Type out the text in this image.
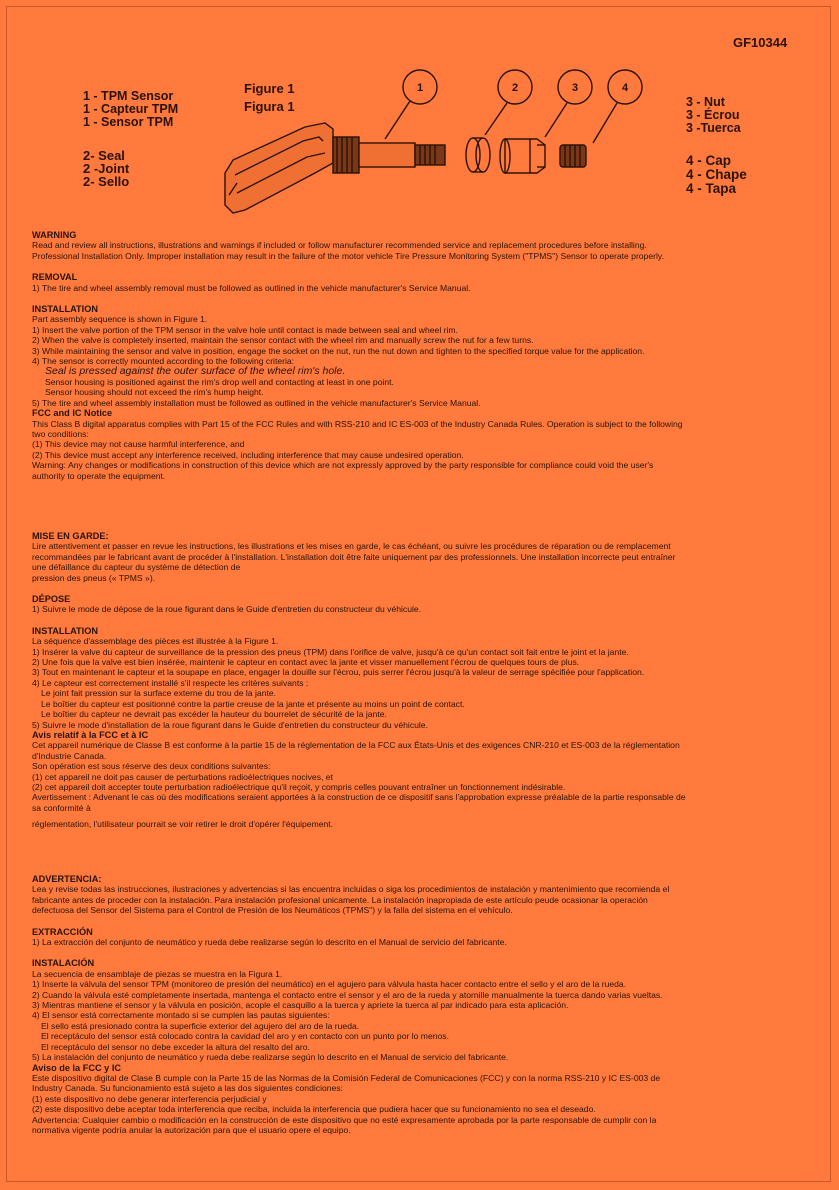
GF10344
1 - TPM Sensor
1 - Capteur TPM
1 - Sensor TPM
2- Seal
2 -Joint
2- Sello
Figure 1
Figura 1	3 - Nut
3 - Écrou
3 -Tuerca
4 - Cap
4 - Chape
4 - Tapa
1	2	3	4
WARNING
Read and review all instructions, illustrations and warnings if included or follow manufacturer recommended service and replacement procedures before installing.
Professional Installation Only. Improper installation may result in the failure of the motor vehicle Tire Pressure Monitoring System ("TPMS") Sensor to operate properly.
REMOVAL
1) The tire and wheel assembly removal must be followed as outlined in the vehicle manufacturer's Service Manual.
INSTALLATION
Part assembly sequence is shown in Figure 1.
1) Insert the valve portion of the TPM sensor in the valve hole until contact is made between seal and wheel rim.
2) When the valve is completely inserted, maintain the sensor contact with the wheel rim and manually screw the nut for a few turns.
3) While maintaining the sensor and valve in position, engage the socket on the nut, run the nut down and tighten to the specified torque value for the application.
4) The sensor is correctly mounted according to the following criteria:
Seal is pressed against the outer surface of the wheel rim's hole.
Sensor housing is positioned against the rim's drop well and contacting at least in one point.
Sensor housing should not exceed the rim's hump height.
5) The tire and wheel assembly installation must be followed as outlined in the vehicle manufacturer's Service Manual.
FCC and IC Notice
This Class B digital apparatus complies with Part 15 of the FCC Rules and with RSS-210 and IC ES-003 of the Industry Canada Rules. Operation is subject to the following
two conditions:
(1) This device may not cause harmful interference, and
(2) This device must accept any interference received, including interference that may cause undesired operation.
Warning: Any changes or modifications in construction of this device which are not expressly approved by the party responsible for compliance could void the user's
authority to operate the equipment.
MISE EN GARDE:
Lire attentivement et passer en revue les instructions, les illustrations et les mises en garde, le cas échéant, ou suivre les procédures de réparation ou de remplacement
recommandées par le fabricant avant de procéder à l'installation. L'installation doit être faite uniquement par des professionnels. Une installation incorrecte peut entraîner
une défaillance du capteur du système de détection de
pression des pneus (« TPMS »).
DÉPOSE
1) Suivre le mode de dépose de la roue figurant dans le Guide d'entretien du constructeur du véhicule.
INSTALLATION
La séquence d'assemblage des pièces est illustrée à la Figure 1.
1) Insérer la valve du capteur de surveillance de la pression des pneus (TPM) dans l'orifice de valve, jusqu'à ce qu'un contact soit fait entre le joint et la jante.
2) Une fois que la valve est bien insérée, maintenir le capteur en contact avec la jante et visser manuellement l'écrou de quelques tours de plus.
3) Tout en maintenant le capteur et la soupape en place, engager la douille sur l'écrou, puis serrer l'écrou jusqu'à la valeur de serrage spécifiée pour l'application.
4) Le capteur est correctement installé s'il respecte les critères suivants :
Le joint fait pression sur la surface externe du trou de la jante.
Le boîtier du capteur est positionné contre la partie creuse de la jante et présente au moins un point de contact.
Le boîtier du capteur ne devrait pas excéder la hauteur du bourrelet de sécurité de la jante.
5) Suivre le mode d'installation de la roue figurant dans le Guide d'entretien du constructeur du véhicule.
Avis relatif à la FCC et à IC
Cet appareil numérique de Classe B est conforme à la partie 15 de la réglementation de la FCC aux États-Unis et des exigences CNR-210 et ES-003 de la réglementation
d'Industrie Canada.
Son opération est sous réserve des deux conditions suivantes:
(1) cet appareil ne doit pas causer de perturbations radioélectriques nocives, et
(2) cet appareil doit accepter toute perturbation radioélectrique qu'il reçoit, y compris celles pouvant entraîner un fonctionnement indésirable.
Avertissement : Advenant le cas où des modifications seraient apportées à la construction de ce dispositif sans l'approbation expresse préalable de la partie responsable de
sa conformité à
réglementation, l'utilisateur pourrait se voir retirer le droit d'opérer l'équipement.
ADVERTENCIA:
Lea y revise todas las instrucciones, ilustraciones y advertencias si las encuentra incluidas o siga los procedimientos de instalación y mantenimiento que recomienda el
fabricante antes de proceder con la instalación. Para instalación profesional unicamente. La instalación inapropiada de este artículo peude ocasionar la operación
defectuosa del Sensor del Sistema para el Control de Presión de los Neumáticos (TPMS") y la falla del sistema en el vehículo.
EXTRACCIÓN
1) La extracción del conjunto de neumático y rueda debe realizarse según lo descrito en el Manual de servicio del fabricante.
INSTALACIÓN
La secuencia de ensamblaje de piezas se muestra en la Figura 1.
1) Inserte la válvula del sensor TPM (monitoreo de presión del neumático) en el agujero para válvula hasta hacer contacto entre el sello y el aro de la rueda.
2) Cuando la válvula esté completamente insertada, mantenga el contacto entre el sensor y el aro de la rueda y atornille manualmente la tuerca dando varias vueltas.
3) Mientras mantiene el sensor y la válvula en posición, acople el casquillo a la tuerca y apriete la tuerca al par indicado para esta aplicación.
4) El sensor está correctamente montado si se cumplen las pautas siguientes:
El sello está presionado contra la superficie exterior del agujero del aro de la rueda.
El receptáculo del sensor está colocado contra la cavidad del aro y en contacto con un punto por lo menos.
El receptáculo del sensor no debe exceder la altura del resalto del aro.
5) La instalación del conjunto de neumático y rueda debe realizarse según lo descrito en el Manual de servicio del fabricante.
Aviso de la FCC y IC
Este dispositivo digital de Clase B cumple con la Parte 15 de las Normas de la Comisión Federal de Comunicaciones (FCC) y con la norma RSS-210 y IC ES-003 de
Industry Canada. Su funcionamiento está sujeto a las dos siguientes condiciones:
(1) este dispositivo no debe generar interferencia perjudicial y
(2) este dispositivo debe aceptar toda interferencia que reciba, incluida la interferencia que pudiera hacer que su funcionamiento no sea el deseado.
Advertencia: Cualquier cambio o modificación en la construcción de este dispositivo que no esté expresamente aprobada por la parte responsable de cumplir con la
normativa vigente podría anular la autorización para que el usuario opere el equipo.
